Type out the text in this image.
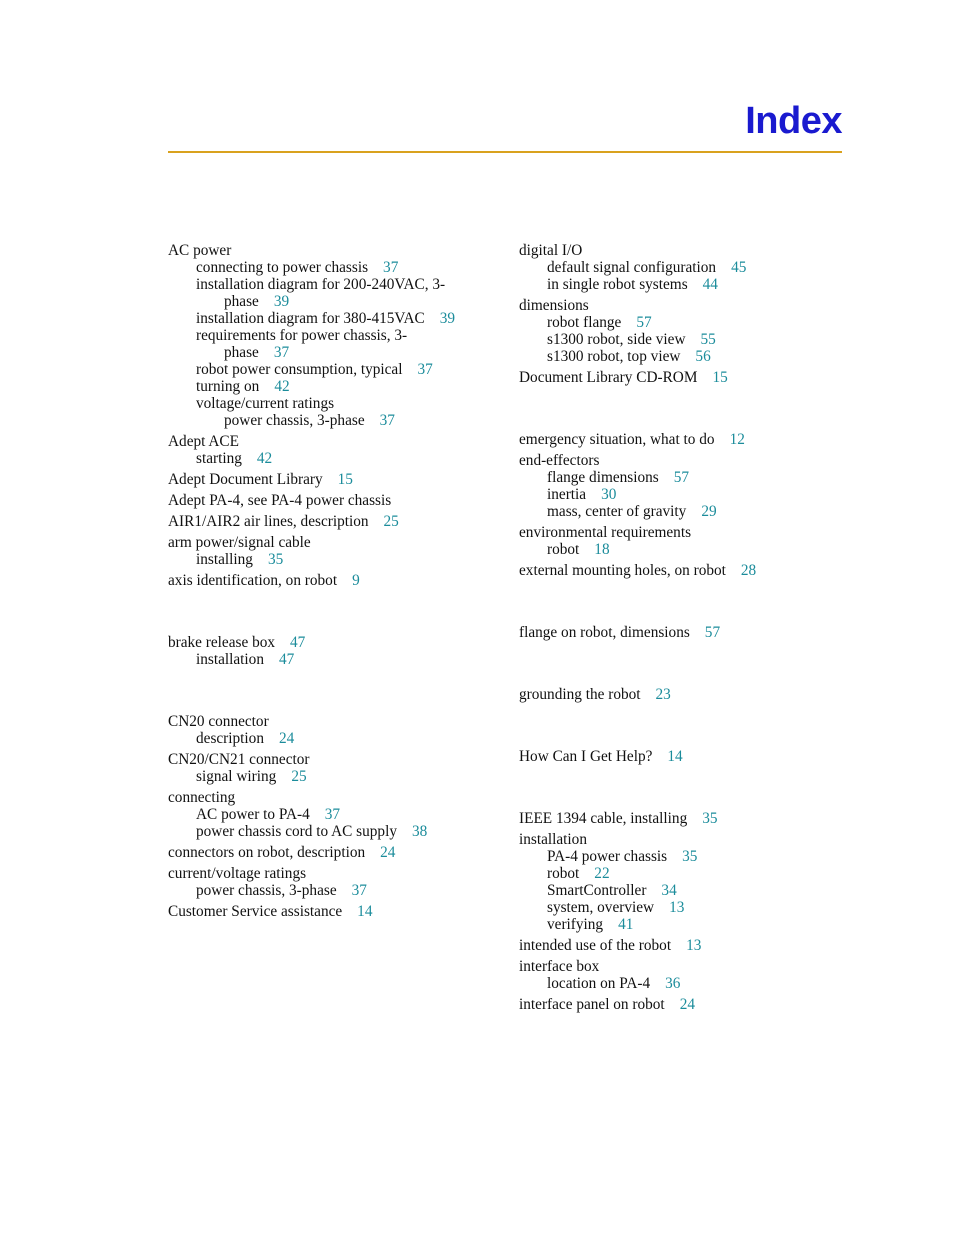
Index
AC power
connecting to power chassis 37
installation diagram for 200-240VAC, 3-
phase 39
installation diagram for 380-415VAC 39
requirements for power chassis, 3-
phase 37
robot power consumption, typical 37
turning on 42
voltage/current ratings
power chassis, 3-phase 37
Adept ACE
starting 42
Adept Document Library 15
Adept PA-4, see PA-4 power chassis
AIR1/AIR2 air lines, description 25
arm power/signal cable
installing 35
axis identification, on robot 9
brake release box 47
installation 47
CN20 connector
description 24
CN20/CN21 connector
signal wiring 25
connecting
AC power to PA-4 37
power chassis cord to AC supply 38
connectors on robot, description 24
current/voltage ratings
power chassis, 3-phase 37
Customer Service assistance 14
digital I/O
default signal configuration 45
in single robot systems 44
dimensions
robot flange 57
s1300 robot, side view 55
s1300 robot, top view 56
Document Library CD-ROM 15
emergency situation, what to do 12
end-effectors
flange dimensions 57
inertia 30
mass, center of gravity 29
environmental requirements
robot 18
external mounting holes, on robot 28
flange on robot, dimensions 57
grounding the robot 23
How Can I Get Help? 14
IEEE 1394 cable, installing 35
installation
PA-4 power chassis 35
robot 22
SmartController 34
system, overview 13
verifying 41
intended use of the robot 13
interface box
location on PA-4 36
interface panel on robot 24
